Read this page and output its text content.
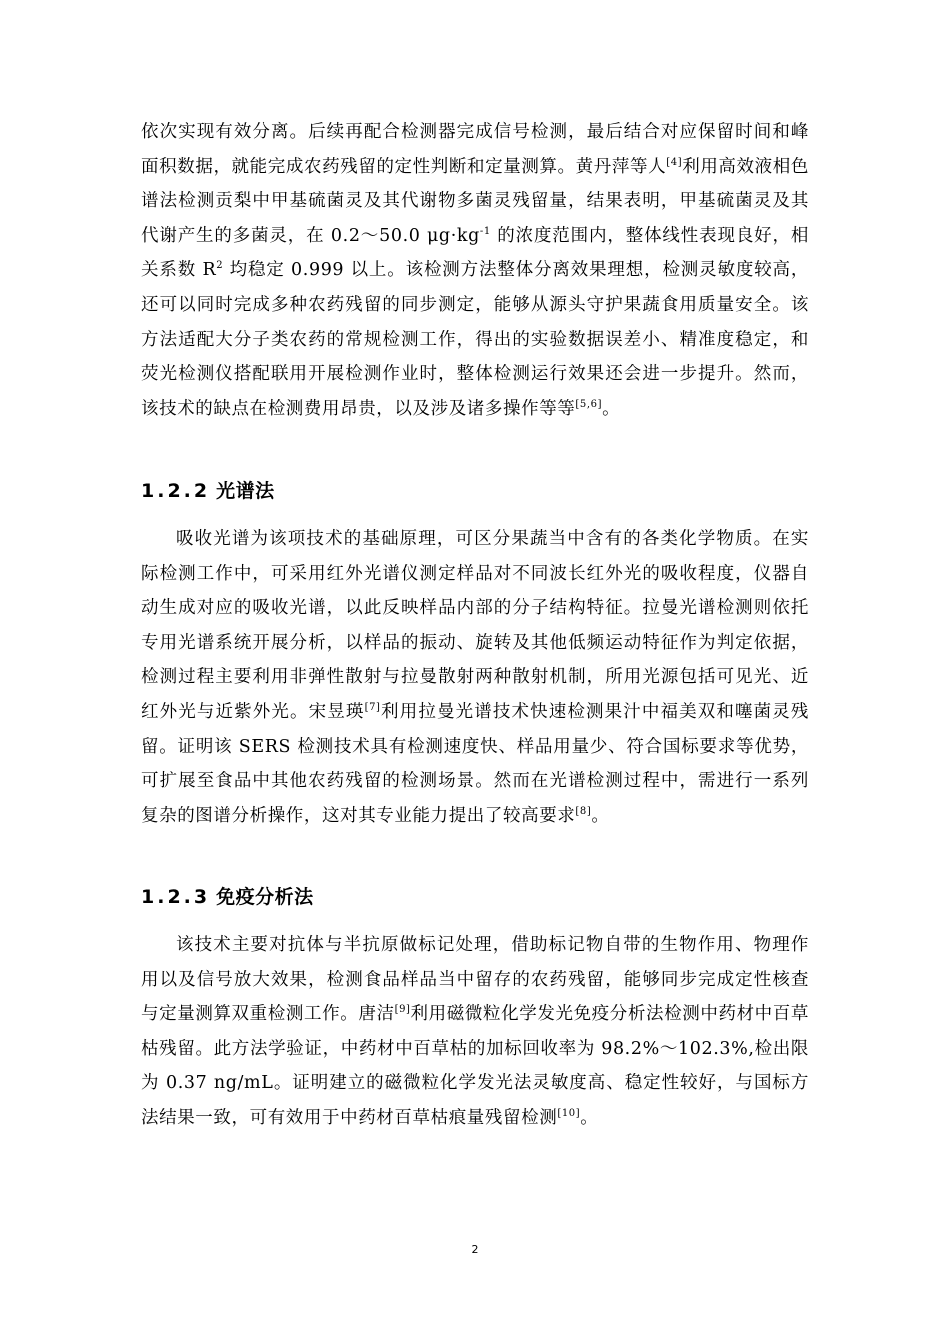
依次实现有效分离。后续再配合检测器完成信号检测，最后结合对应保留时间和峰面积数据，就能完成农药残留的定性判断和定量测算。黄丹萍等人[4]利用高效液相色谱法检测贡梨中甲基硫菌灵及其代谢物多菌灵残留量，结果表明，甲基硫菌灵及其代谢产生的多菌灵，在 0.2～50.0 $\mu g\cdot kg^{-1}$ 的浓度范围内，整体线性表现良好，相关系数 $R^2$ 均稳定 0.999 以上。该检测方法整体分离效果理想，检测灵敏度较高，还可以同时完成多种农药残留的同步测定，能够从源头守护果蔬食用质量安全。该方法适配大分子类农药的常规检测工作，得出的实验数据误差小、精准度稳定，和荧光检测仪搭配联用开展检测作业时，整体检测运行效果还会进一步提升。然而，该技术的缺点在检测费用昂贵，以及涉及诸多操作等等[5,6]。

1.2.2 光谱法

吸收光谱为该项技术的基础原理，可区分果蔬当中含有的各类化学物质。在实际检测工作中，可采用红外光谱仪测定样品对不同波长红外光的吸收程度，仪器自动生成对应的吸收光谱，以此反映样品内部的分子结构特征。拉曼光谱检测则依托专用光谱系统开展分析，以样品的振动、旋转及其他低频运动特征作为判定依据，检测过程主要利用非弹性散射与拉曼散射两种散射机制，所用光源包括可见光、近红外光与近紫外光。宋昱瑛[7]利用拉曼光谱技术快速检测果汁中福美双和噻菌灵残留。证明该 SERS 检测技术具有检测速度快、样品用量少、符合国标要求等优势，可扩展至食品中其他农药残留的检测场景。然而在光谱检测过程中，需进行一系列复杂的图谱分析操作，这对其专业能力提出了较高要求[8]。

1.2.3 免疫分析法

该技术主要对抗体与半抗原做标记处理，借助标记物自带的生物作用、物理作用以及信号放大效果，检测食品样品当中留存的农药残留，能够同步完成定性核查与定量测算双重检测工作。唐洁[9]利用磁微粒化学发光免疫分析法检测中药材中百草枯残留。此方法学验证，中药材中百草枯的加标回收率为 98.2%～102.3%,检出限为 0.37 ng/mL。证明建立的磁微粒化学发光法灵敏度高、稳定性较好，与国标方法结果一致，可有效用于中药材百草枯痕量残留检测[10]。

2
